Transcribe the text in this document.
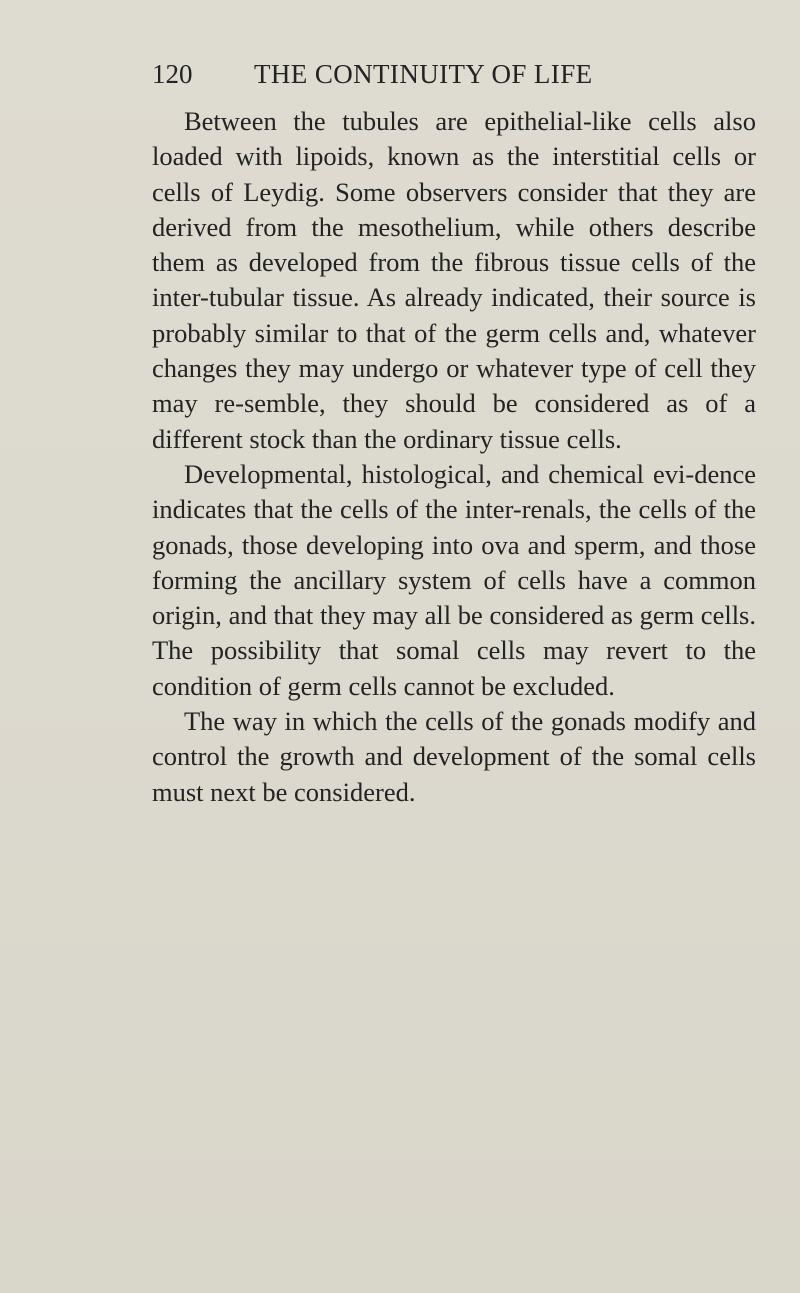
120 THE CONTINUITY OF LIFE

Between the tubules are epithelial-like cells also loaded with lipoids, known as the interstitial cells or cells of Leydig. Some observers consider that they are derived from the mesothelium, while others describe them as developed from the fibrous tissue cells of the inter-tubular tissue. As already indicated, their source is probably similar to that of the germ cells and, whatever changes they may undergo or whatever type of cell they may re-semble, they should be considered as of a different stock than the ordinary tissue cells.

Developmental, histological, and chemical evi-dence indicates that the cells of the inter-renals, the cells of the gonads, those developing into ova and sperm, and those forming the ancillary system of cells have a common origin, and that they may all be considered as germ cells. The possibility that somal cells may revert to the condition of germ cells cannot be excluded.

The way in which the cells of the gonads modify and control the growth and development of the somal cells must next be considered.
